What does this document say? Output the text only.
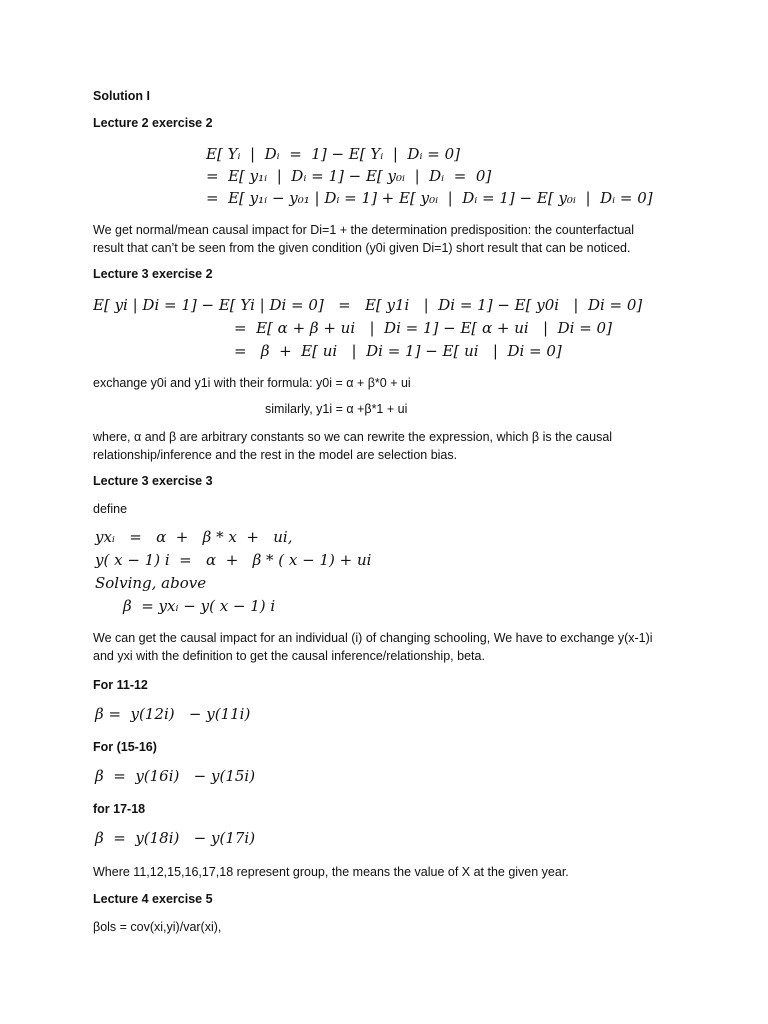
Solution I
Lecture 2 exercise 2
E[ Yᵢ  |  Dᵢ  =  1] − E[ Yᵢ  |  Dᵢ = 0]
=  E[ y₁ᵢ  |  Dᵢ = 1] − E[ y₀ᵢ  |  Dᵢ  =  0]
=  E[ y₁ᵢ − y₀₁ | Dᵢ = 1] + E[ y₀ᵢ  |  Dᵢ = 1] − E[ y₀ᵢ  |  Dᵢ = 0]
We get normal/mean causal impact for Di=1 + the determination predisposition: the counterfactual
result that can’t be seen from the given condition (y0i given Di=1) short result that can be noticed.
Lecture 3 exercise 2
E[ yi | Di = 1] − E[ Yi | Di = 0]   =   E[ y1i   |  Di = 1] − E[ y0i   |  Di = 0]
=  E[ α + β + ui   |  Di = 1] − E[ α + ui   |  Di = 0]
=   β  +  E[ ui   |  Di = 1] − E[ ui   |  Di = 0]
exchange y0i and y1i with their formula: y0i = α + β*0 + ui
similarly, y1i = α +β*1 + ui
where, α and β are arbitrary constants so we can rewrite the expression, which β is the causal
relationship/inference and the rest in the model are selection bias.
Lecture 3 exercise 3
define
yxᵢ   =   α  +   β * x  +   ui,
y( x − 1) i  =   α  +   β * ( x − 1) + ui
Solving, above
β  = yxᵢ − y( x − 1) i
We can get the causal impact for an individual (i) of changing schooling, We have to exchange y(x-1)i
and yxi with the definition to get the causal inference/relationship, beta.
For 11-12
β =  y(12i)   − y(11i)
For (15-16)
β  =  y(16i)   − y(15i)
for 17-18
β  =  y(18i)   − y(17i)
Where 11,12,15,16,17,18 represent group, the means the value of X at the given year.
Lecture 4 exercise 5
βols = cov(xi,yi)/var(xi),
